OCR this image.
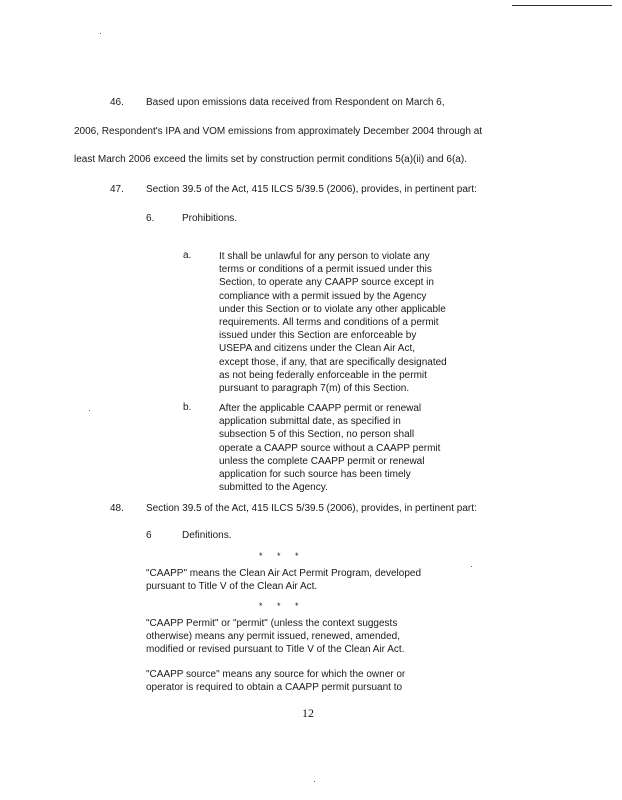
46. Based upon emissions data received from Respondent on March 6,
2006, Respondent's IPA and VOM emissions from approximately December 2004 through at
least March 2006 exceed the limits set by construction permit conditions 5(a)(ii) and 6(a).
47. Section 39.5 of the Act, 415 ILCS 5/39.5 (2006), provides, in pertinent part:
6.	Prohibitions.
a.	It shall be unlawful for any person to violate any
terms or conditions of a permit issued under this
Section, to operate any CAAPP source except in
compliance with a permit issued by the Agency
under this Section or to violate any other applicable
requirements. All terms and conditions of a permit
issued under this Section are enforceable by
USEPA and citizens under the Clean Air Act,
except those, if any, that are specifically designated
as not being federally enforceable in the permit
pursuant to paragraph 7(m) of this Section.
b.	After the applicable CAAPP permit or renewal
application submittal date, as specified in
subsection 5 of this Section, no person shall
operate a CAAPP source without a CAAPP permit
unless the complete CAAPP permit or renewal
application for such source has been timely
submitted to the Agency.
48. Section 39.5 of the Act, 415 ILCS 5/39.5 (2006), provides, in pertinent part:
6	Definitions.
* * *
"CAAPP" means the Clean Air Act Permit Program, developed
pursuant to Title V of the Clean Air Act.
* * *
"CAAPP Permit" or "permit" (unless the context suggests
otherwise) means any permit issued, renewed, amended,
modified or revised pursuant to Title V of the Clean Air Act.
"CAAPP source" means any source for which the owner or
operator is required to obtain a CAAPP permit pursuant to
12
